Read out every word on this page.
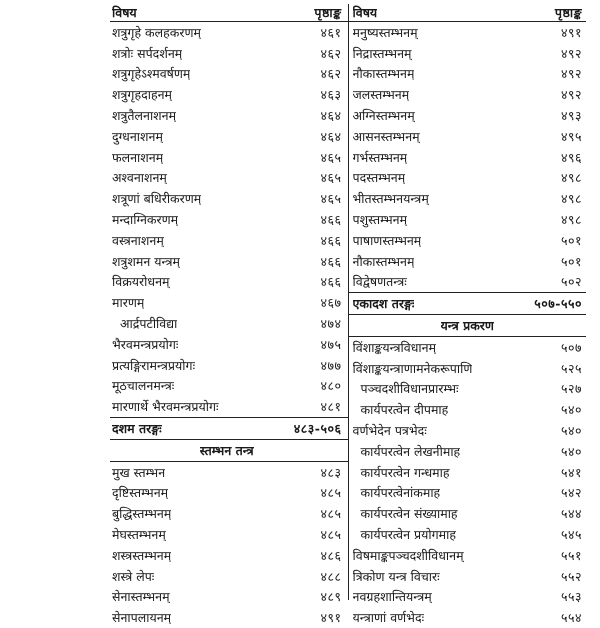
विषय	पृष्ठाङ्क
शत्रुगृहे कलहकरणम्	४६१
शत्रोः सर्पदर्शनम्	४६२
शत्रुगृहेऽश्मवर्षणम्	४६२
शत्रुगृहदाहनम्	४६३
शत्रुतैलनाशनम्	४६४
दुग्धनाशनम्	४६४
फलनाशनम्	४६५
अश्वनाशनम्	४६५
शत्रूणां बधिरीकरणम्	४६५
मन्दाग्निकरणम्	४६६
वस्त्रनाशनम्	४६६
शत्रुशमन यन्त्रम्	४६६
विक्रयरोधनम्	४६६
मारणम्	४६७
आर्द्रपटीविद्या	४७४
भैरवमन्त्रप्रयोगः	४७५
प्रत्यङ्गिरामन्त्रप्रयोगः	४७७
मूठचालनमन्त्रः	४८०
मारणार्थे भैरवमन्त्रप्रयोगः	४८१
दशम तरङ्गः	४८३-५०६
स्तम्भन तन्त्र
मुख स्तम्भन	४८३
दृष्टिस्तम्भनम्	४८५
बुद्धिस्तम्भनम्	४८५
मेघस्तम्भनम्	४८५
शस्त्रस्तम्भनम्	४८६
शस्त्रे लेपः	४८८
सेनास्तम्भनम्	४८९
सेनापलायनम्	४९१
विषय	पृष्ठाङ्क
मनुष्यस्तम्भनम्	४९१
निद्रास्तम्भनम्	४९२
नौकास्तम्भनम्	४९२
जलस्तम्भनम्	४९२
अग्निस्तम्भनम्	४९३
आसनस्तम्भनम्	४९५
गर्भस्तम्भनम्	४९६
पदस्तम्भनम्	४९८
भीतस्तम्भनयन्त्रम्	४९८
पशुस्तम्भनम्	४९८
पाषाणस्तम्भनम्	५०१
नौकास्तम्भनम्	५०१
विद्वेषणतन्त्रः	५०२
एकादश तरङ्गः	५०७-५५०
यन्त्र प्रकरण
विंशाङ्कयन्त्रविधानम्	५०७
विंशाङ्कयन्त्राणामनेकरूपाणि	५२५
पञ्चदशीविधानप्रारम्भः	५२७
कार्यपरत्वेन दीपमाह	५४०
वर्णभेदेन पत्रभेदः	५४०
कार्यपरत्वेन लेखनीमाह	५४०
कार्यपरत्वेन गन्धमाह	५४१
कार्यपरत्वेनांकमाह	५४२
कार्यपरत्वेन संख्यामाह	५४४
कार्यपरत्वेन प्रयोगमाह	५४५
विषमाङ्कपञ्चदशीविधानम्	५५१
त्रिकोण यन्त्र विचारः	५५२
नवग्रहशान्तियन्त्रम्	५५३
यन्त्राणां वर्णभेदः	५५४
